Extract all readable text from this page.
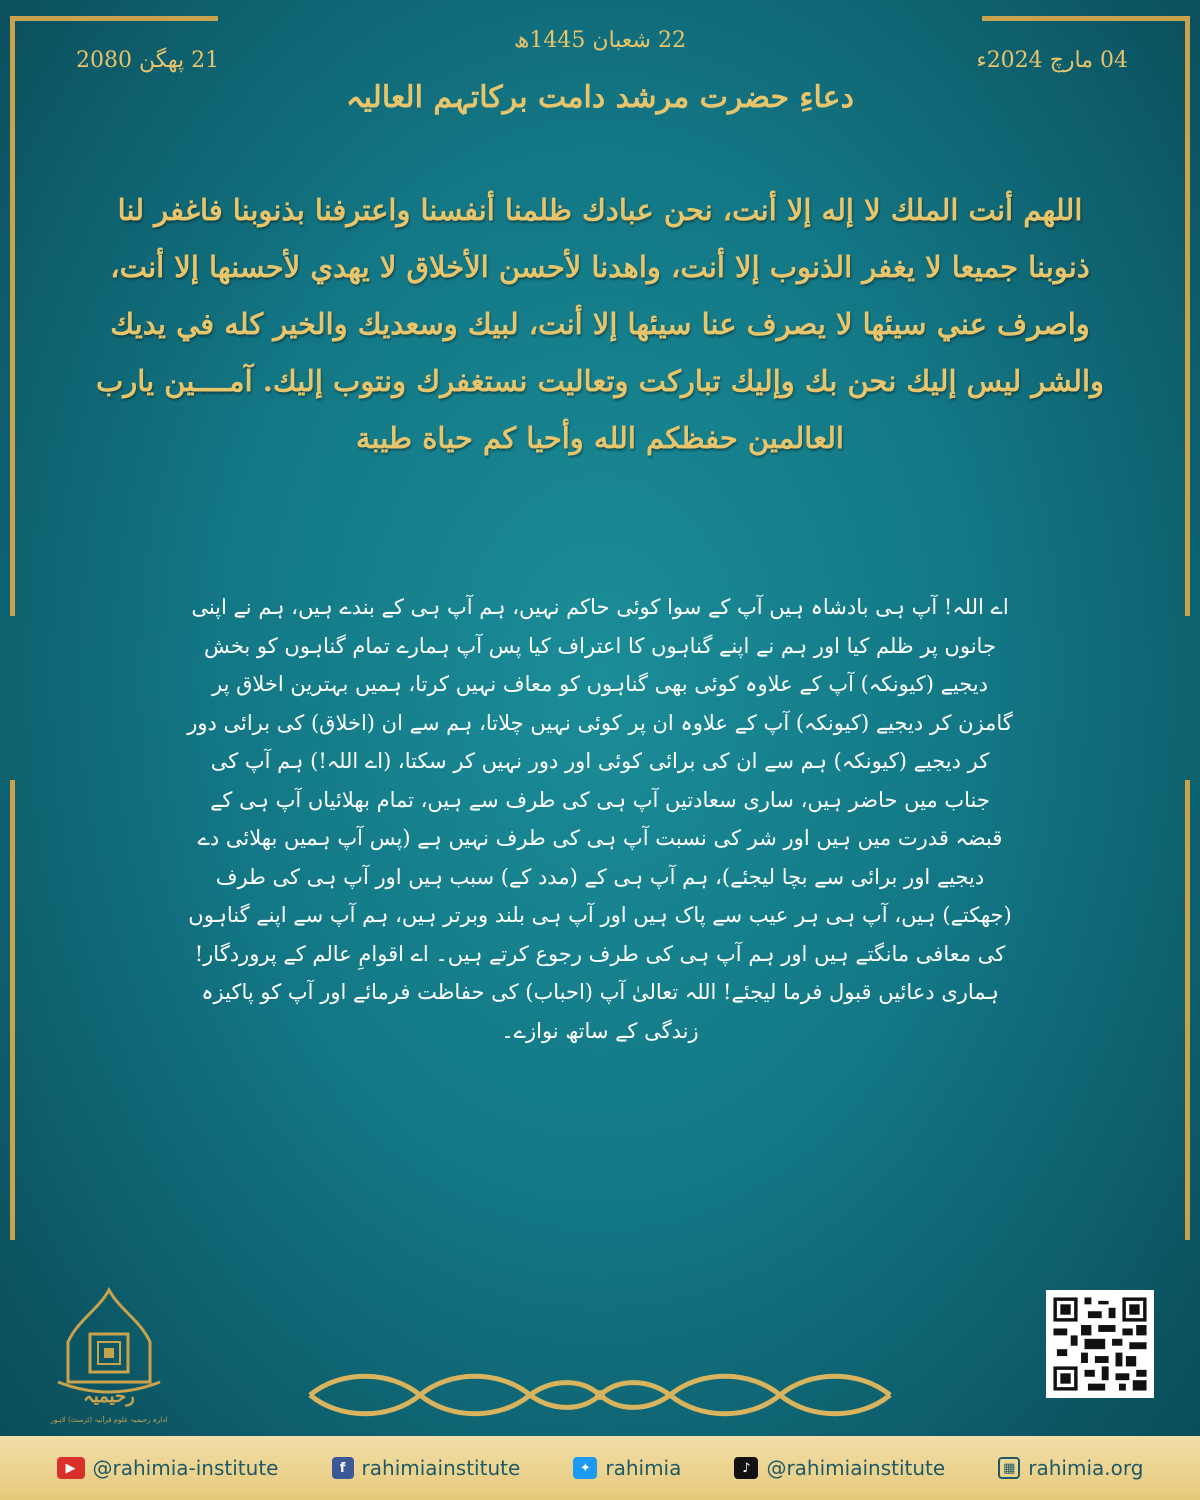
22 شعبان 1445ھ
04 مارچ 2024ء
21 پھگن 2080
دعاءِ حضرت مرشد دامت برکاتہم العالیہ
اللهم أنت الملك لا إله إلا أنت، نحن عبادك ظلمنا أنفسنا واعترفنا بذنوبنا فاغفر لنا ذنوبنا جميعا لا يغفر الذنوب إلا أنت، واهدنا لأحسن الأخلاق لا يهدي لأحسنها إلا أنت، واصرف عني سيئها لا يصرف عنا سيئها إلا أنت، لبيك وسعديك والخير كله في يديك والشر ليس إليك نحن بك وإليك تباركت وتعاليت نستغفرك ونتوب إليك. آمــــين يارب العالمين حفظكم الله وأحيا كم حياة طيبة
اے اللہ! آپ ہی بادشاہ ہیں آپ کے سوا کوئی حاکم نہیں، ہم آپ ہی کے بندے ہیں، ہم نے اپنی جانوں پر ظلم کیا اور ہم نے اپنے گناہوں کا اعتراف کیا پس آپ ہمارے تمام گناہوں کو بخش دیجیے (کیونکہ) آپ کے علاوہ کوئی بھی گناہوں کو معاف نہیں کرتا، ہمیں بہترین اخلاق پر گامزن کر دیجیے (کیونکہ) آپ کے علاوہ ان پر کوئی نہیں چلاتا، ہم سے ان (اخلاق) کی برائی دور کر دیجیے (کیونکہ) ہم سے ان کی برائی کوئی اور دور نہیں کر سکتا، (اے اللہ!) ہم آپ کی جناب میں حاضر ہیں، ساری سعادتیں آپ ہی کی طرف سے ہیں، تمام بھلائیاں آپ ہی کے قبضہ قدرت میں ہیں اور شر کی نسبت آپ ہی کی طرف نہیں ہے (پس آپ ہمیں بھلائی دے دیجیے اور برائی سے بچا لیجئے)، ہم آپ ہی کے (مدد کے) سبب ہیں اور آپ ہی کی طرف (جھکتے) ہیں، آپ ہی ہر عیب سے پاک ہیں اور آپ ہی بلند وبرتر ہیں، ہم آپ سے اپنے گناہوں کی معافی مانگتے ہیں اور ہم آپ ہی کی طرف رجوع کرتے ہیں۔ اے اقوامِ عالم کے پروردگار! ہماری دعائیں قبول فرما لیجئے! اللہ تعالیٰ آپ (احباب) کی حفاظت فرمائے اور آپ کو پاکیزہ زندگی کے ساتھ نوازے۔
رحیمیہ
ادارہ رحیمیہ علوم قرآنیہ (ٹرسٹ) لاہور
▶ @rahimia-institute	f rahimiainstitute	✦ rahimia	♪ @rahimiainstitute	▦ rahimia.org
